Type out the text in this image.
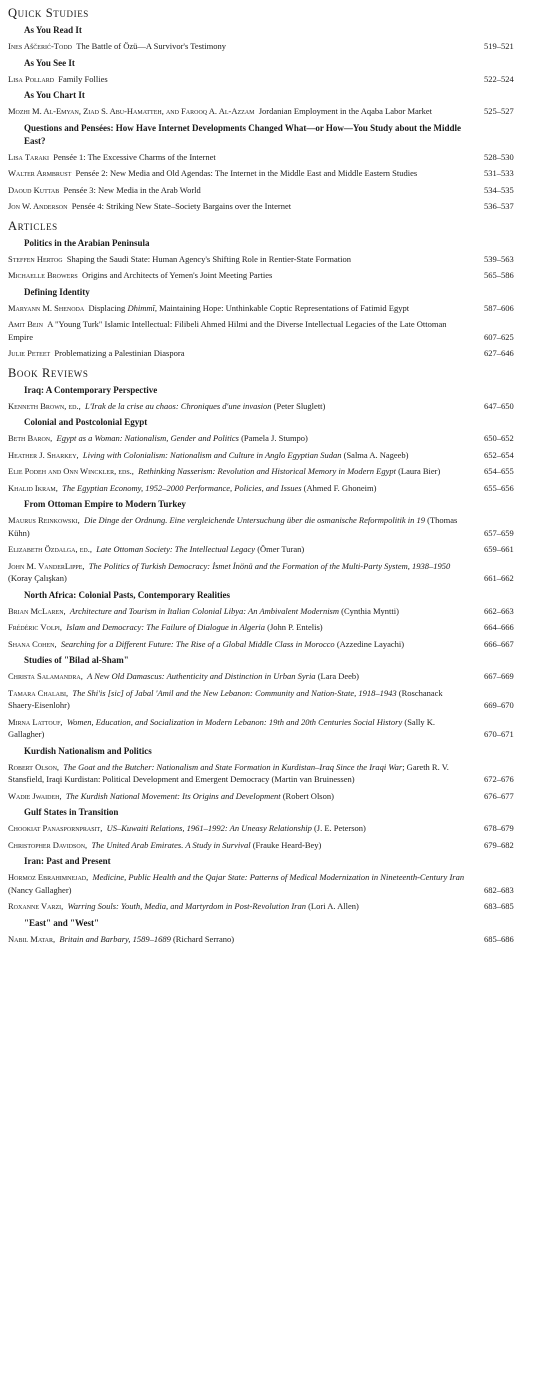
Quick Studies
As You Read It
Ines Aščerić-Todd  The Battle of Özü—A Survivor's Testimony	519–521
As You See It
Lisa Pollard  Family Follies	522–524
As You Chart It
Mozhi M. Al-Emyan, Ziad S. Abu-Hamatteh, and Farooq A. Al-Azzam  Jordanian Employment in the Aqaba Labor Market	525–527
Questions and Pensées: How Have Internet Developments Changed What—or How—You Study about the Middle East?
Lisa Taraki  Pensée 1: The Excessive Charms of the Internet	528–530
Walter Armbrust  Pensée 2: New Media and Old Agendas: The Internet in the Middle East and Middle Eastern Studies	531–533
Daoud Kuttab  Pensée 3: New Media in the Arab World	534–535
Jon W. Anderson  Pensée 4: Striking New State–Society Bargains over the Internet	536–537
Articles
Politics in the Arabian Peninsula
Steffen Hertog  Shaping the Saudi State: Human Agency's Shifting Role in Rentier-State Formation	539–563
Michaelle Browers  Origins and Architects of Yemen's Joint Meeting Parties	565–586
Defining Identity
Maryann M. Shenoda  Displacing Dhimmī, Maintaining Hope: Unthinkable Coptic Representations of Fatimid Egypt	587–606
Amit Bein  A "Young Turk" Islamic Intellectual: Filibeli Ahmed Hilmi and the Diverse Intellectual Legacies of the Late Ottoman Empire	607–625
Julie Peteet  Problematizing a Palestinian Diaspora	627–646
Book Reviews
Iraq: A Contemporary Perspective
Kenneth Brown, ed.,  L'Irak de la crise au chaos: Chroniques d'une invasion (Peter Sluglett)	647–650
Colonial and Postcolonial Egypt
Beth Baron,  Egypt as a Woman: Nationalism, Gender and Politics (Pamela J. Stumpo)	650–652
Heather J. Sharkey,  Living with Colonialism: Nationalism and Culture in Anglo Egyptian Sudan (Salma A. Nageeb)	652–654
Elie Podeh and Onn Winckler, eds.,  Rethinking Nasserism: Revolution and Historical Memory in Modern Egypt (Laura Bier)	654–655
Khalid Ikram,  The Egyptian Economy, 1952–2000 Performance, Policies, and Issues (Ahmed F. Ghoneim)	655–656
From Ottoman Empire to Modern Turkey
Maurus Reinkowski,  Die Dinge der Ordnung. Eine vergleichende Untersuchung über die osmanische Reformpolitik in 19 (Thomas Kühn)	657–659
Elizabeth Özdalga, ed.,  Late Ottoman Society: The Intellectual Legacy (Ömer Turan)	659–661
John M. VanderLippe,  The Politics of Turkish Democracy: İsmet İnönü and the Formation of the Multi-Party System, 1938–1950 (Koray Çalışkan)	661–662
North Africa: Colonial Pasts, Contemporary Realities
Brian McLaren,  Architecture and Tourism in Italian Colonial Libya: An Ambivalent Modernism (Cynthia Myntti)	662–663
Frédéric Volpi,  Islam and Democracy: The Failure of Dialogue in Algeria (John P. Entelis)	664–666
Shana Cohen,  Searching for a Different Future: The Rise of a Global Middle Class in Morocco (Azzedine Layachi)	666–667
Studies of "Bilad al-Sham"
Christa Salamandra,  A New Old Damascus: Authenticity and Distinction in Urban Syria (Lara Deeb)	667–669
Tamara Chalabi,  The Shi'is [sic] of Jabal 'Amil and the New Lebanon: Community and Nation-State, 1918–1943 (Roschanack Shaery-Eisenlohr)	669–670
Mirna Lattouf,  Women, Education, and Socialization in Modern Lebanon: 19th and 20th Centuries Social History (Sally K. Gallagher)	670–671
Kurdish Nationalism and Politics
Robert Olson,  The Goat and the Butcher: Nationalism and State Formation in Kurdistan–Iraq Since the Iraqi War; Gareth R. V. Stansfield, Iraqi Kurdistan: Political Development and Emergent Democracy (Martin van Bruinessen)	672–676
Wadie Jwaideh,  The Kurdish National Movement: Its Origins and Development (Robert Olson)	676–677
Gulf States in Transition
Chookiat Panaspornprasit,  US–Kuwaiti Relations, 1961–1992: An Uneasy Relationship (J. E. Peterson)	678–679
Christopher Davidson,  The United Arab Emirates. A Study in Survival (Frauke Heard-Bey)	679–682
Iran: Past and Present
Hormoz Ebrahimnejad,  Medicine, Public Health and the Qajar State: Patterns of Medical Modernization in Nineteenth-Century Iran (Nancy Gallagher)	682–683
Roxanne Varzi,  Warring Souls: Youth, Media, and Martyrdom in Post-Revolution Iran (Lori A. Allen)	683–685
"East" and "West"
Nabil Matar,  Britain and Barbary, 1589–1689 (Richard Serrano)	685–686
